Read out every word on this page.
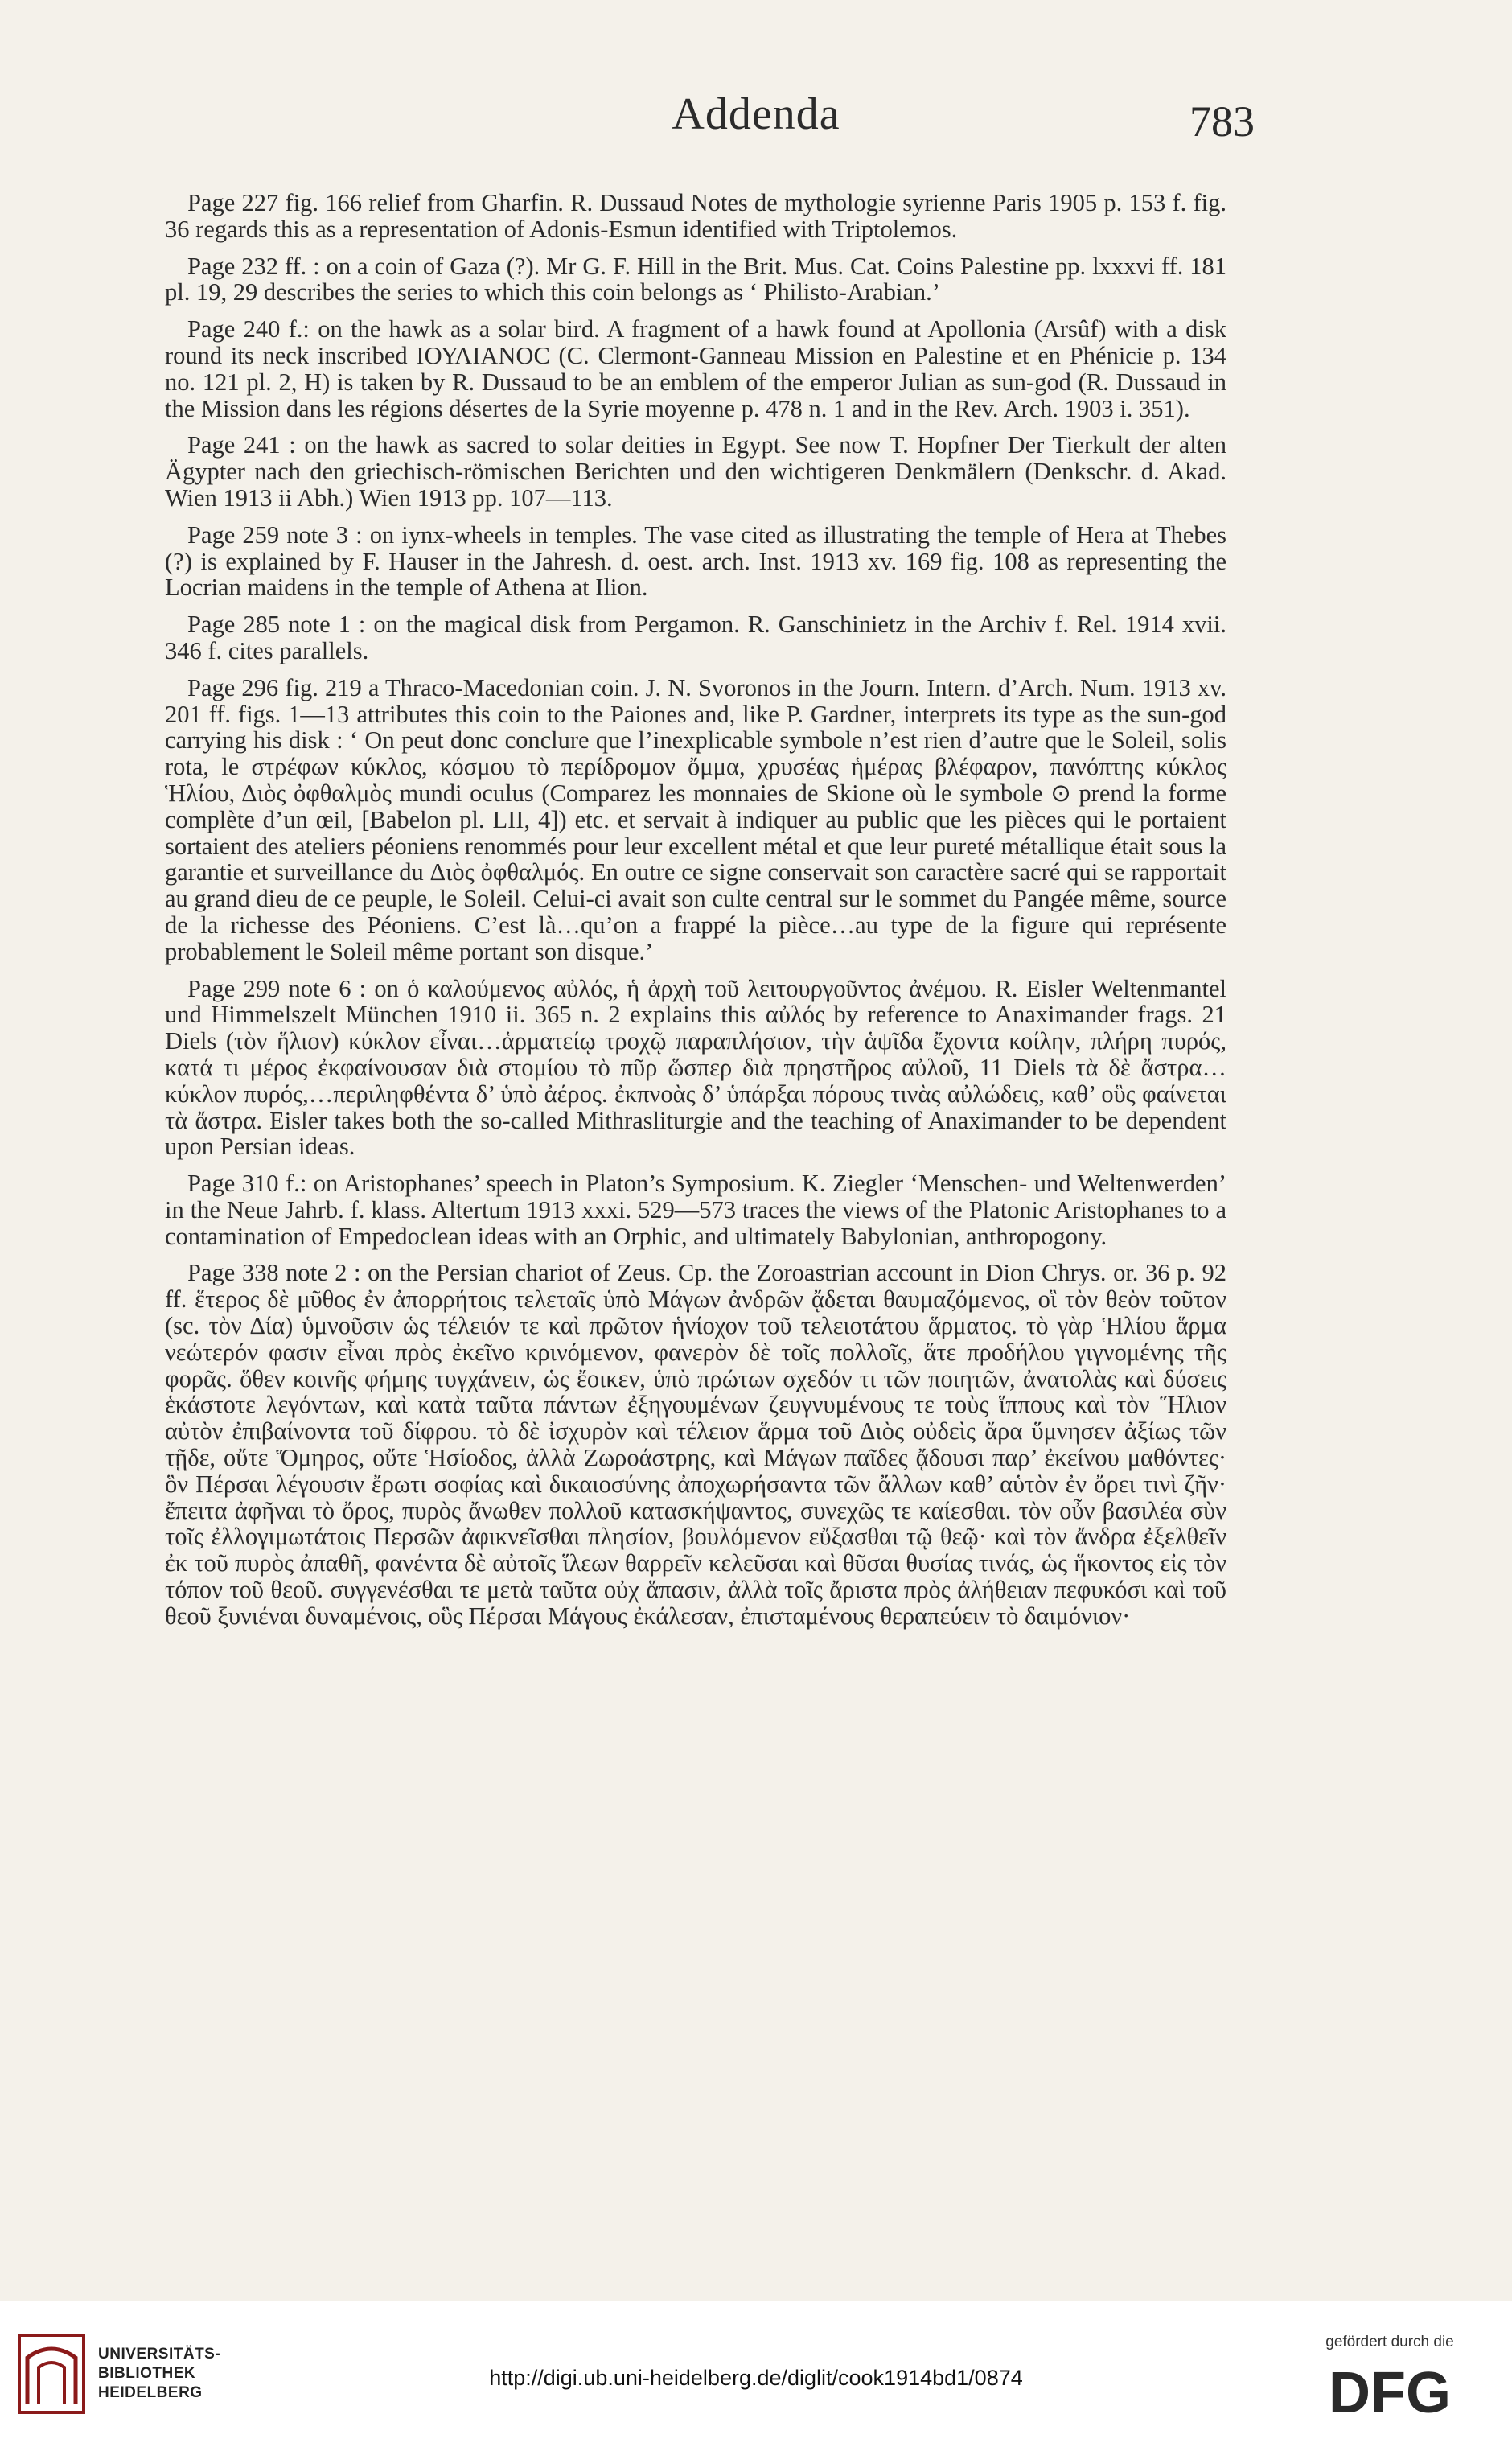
Addenda	783

Page 227 fig. 166 relief from Gharfin. R. Dussaud Notes de mythologie syrienne Paris 1905 p. 153 f. fig. 36 regards this as a representation of Adonis-Esmun identified with Triptolemos.

Page 232 ff. : on a coin of Gaza (?). Mr G. F. Hill in the Brit. Mus. Cat. Coins Palestine pp. lxxxvi ff. 181 pl. 19, 29 describes the series to which this coin belongs as ‘ Philisto-Arabian.’

Page 240 f.: on the hawk as a solar bird. A fragment of a hawk found at Apollonia (Arsûf) with a disk round its neck inscribed ΙΟΥΛΙΑΝΟC (C. Clermont-Ganneau Mission en Palestine et en Phénicie p. 134 no. 121 pl. 2, H) is taken by R. Dussaud to be an emblem of the emperor Julian as sun-god (R. Dussaud in the Mission dans les régions désertes de la Syrie moyenne p. 478 n. 1 and in the Rev. Arch. 1903 i. 351).

Page 241 : on the hawk as sacred to solar deities in Egypt. See now T. Hopfner Der Tierkult der alten Ägypter nach den griechisch-römischen Berichten und den wichtigeren Denkmälern (Denkschr. d. Akad. Wien 1913 ii Abh.) Wien 1913 pp. 107—113.

Page 259 note 3 : on iynx-wheels in temples. The vase cited as illustrating the temple of Hera at Thebes (?) is explained by F. Hauser in the Jahresh. d. oest. arch. Inst. 1913 xv. 169 fig. 108 as representing the Locrian maidens in the temple of Athena at Ilion.

Page 285 note 1 : on the magical disk from Pergamon. R. Ganschinietz in the Archiv f. Rel. 1914 xvii. 346 f. cites parallels.

Page 296 fig. 219 a Thraco-Macedonian coin. J. N. Svoronos in the Journ. Intern. d’Arch. Num. 1913 xv. 201 ff. figs. 1—13 attributes this coin to the Paiones and, like P. Gardner, interprets its type as the sun-god carrying his disk : ‘ On peut donc conclure que l’inexplicable symbole n’est rien d’autre que le Soleil, solis rota, le στρέφων κύκλος, κόσμου τὸ περίδρομον ὄμμα, χρυσέας ἡμέρας βλέφαρον, πανόπτης κύκλος Ἡλίου, Διὸς ὀφθαλμὸς mundi oculus (Comparez les monnaies de Skione où le symbole ⊙ prend la forme complète d’un œil, [Babelon pl. LII, 4]) etc. et servait à indiquer au public que les pièces qui le portaient sortaient des ateliers péoniens renommés pour leur excellent métal et que leur pureté métallique était sous la garantie et surveillance du Διὸς ὀφθαλμός. En outre ce signe conservait son caractère sacré qui se rapportait au grand dieu de ce peuple, le Soleil. Celui-ci avait son culte central sur le sommet du Pangée même, source de la richesse des Péoniens. C’est là…qu’on a frappé la pièce…au type de la figure qui représente probablement le Soleil même portant son disque.’

Page 299 note 6 : on ὁ καλούμενος αὐλός, ἡ ἀρχὴ τοῦ λειτουργοῦντος ἀνέμου. R. Eisler Weltenmantel und Himmelszelt München 1910 ii. 365 n. 2 explains this αὐλός by reference to Anaximander frags. 21 Diels (τὸν ἥλιον) κύκλον εἶναι…ἁρματείῳ τροχῷ παραπλήσιον, τὴν ἁψῖδα ἔχοντα κοίλην, πλήρη πυρός, κατά τι μέρος ἐκφαίνουσαν διὰ στομίου τὸ πῦρ ὥσπερ διὰ πρηστῆρος αὐλοῦ, 11 Diels τὰ δὲ ἄστρα…κύκλον πυρός,…περιληφθέντα δ’ ὑπὸ ἀέρος. ἐκπνοὰς δ’ ὑπάρξαι πόρους τινὰς αὐλώδεις, καθ’ οὓς φαίνεται τὰ ἄστρα. Eisler takes both the so-called Mithrasliturgie and the teaching of Anaximander to be dependent upon Persian ideas.

Page 310 f.: on Aristophanes’ speech in Platon’s Symposium. K. Ziegler ‘Menschen- und Weltenwerden’ in the Neue Jahrb. f. klass. Altertum 1913 xxxi. 529—573 traces the views of the Platonic Aristophanes to a contamination of Empedoclean ideas with an Orphic, and ultimately Babylonian, anthropogony.

Page 338 note 2 : on the Persian chariot of Zeus. Cp. the Zoroastrian account in Dion Chrys. or. 36 p. 92 ff. ἕτερος δὲ μῦθος ἐν ἀπορρήτοις τελεταῖς ὑπὸ Μάγων ἀνδρῶν ᾄδεται θαυμαζόμενος, οἳ τὸν θεὸν τοῦτον (sc. τὸν Δία) ὑμνοῦσιν ὡς τέλειόν τε καὶ πρῶτον ἡνίοχον τοῦ τελειοτάτου ἅρματος. τὸ γὰρ Ἡλίου ἅρμα νεώτερόν φασιν εἶναι πρὸς ἐκεῖνο κρινόμενον, φανερὸν δὲ τοῖς πολλοῖς, ἅτε προδήλου γιγνομένης τῆς φορᾶς. ὅθεν κοινῆς φήμης τυγχάνειν, ὡς ἔοικεν, ὑπὸ πρώτων σχεδόν τι τῶν ποιητῶν, ἀνατολὰς καὶ δύσεις ἑκάστοτε λεγόντων, καὶ κατὰ ταῦτα πάντων ἐξηγουμένων ζευγνυμένους τε τοὺς ἵππους καὶ τὸν Ἥλιον αὐτὸν ἐπιβαίνοντα τοῦ δίφρου. τὸ δὲ ἰσχυρὸν καὶ τέλειον ἅρμα τοῦ Διὸς οὐδεὶς ἄρα ὕμνησεν ἀξίως τῶν τῇδε, οὔτε Ὅμηρος, οὔτε Ἡσίοδος, ἀλλὰ Ζωροάστρης, καὶ Μάγων παῖδες ᾄδουσι παρ’ ἐκείνου μαθόντες· ὃν Πέρσαι λέγουσιν ἔρωτι σοφίας καὶ δικαιοσύνης ἀποχωρήσαντα τῶν ἄλλων καθ’ αὑτὸν ἐν ὄρει τινὶ ζῆν· ἔπειτα ἀφῆναι τὸ ὄρος, πυρὸς ἄνωθεν πολλοῦ κατασκήψαντος, συνεχῶς τε καίεσθαι. τὸν οὖν βασιλέα σὺν τοῖς ἐλλογιμωτάτοις Περσῶν ἀφικνεῖσθαι πλησίον, βουλόμενον εὔξασθαι τῷ θεῷ· καὶ τὸν ἄνδρα ἐξελθεῖν ἐκ τοῦ πυρὸς ἀπαθῆ, φανέντα δὲ αὐτοῖς ἵλεων θαρρεῖν κελεῦσαι καὶ θῦσαι θυσίας τινάς, ὡς ἥκοντος εἰς τὸν τόπον τοῦ θεοῦ. συγγενέσθαι τε μετὰ ταῦτα οὐχ ἅπασιν, ἀλλὰ τοῖς ἄριστα πρὸς ἀλήθειαν πεφυκόσι καὶ τοῦ θεοῦ ξυνιέναι δυναμένοις, οὓς Πέρσαι Μάγους ἐκάλεσαν, ἐπισταμένους θεραπεύειν τὸ δαιμόνιον·

UNIVERSITÄTS-
BIBLIOTHEK
HEIDELBERG
http://digi.ub.uni-heidelberg.de/diglit/cook1914bd1/0874
gefördert durch die
DFG
